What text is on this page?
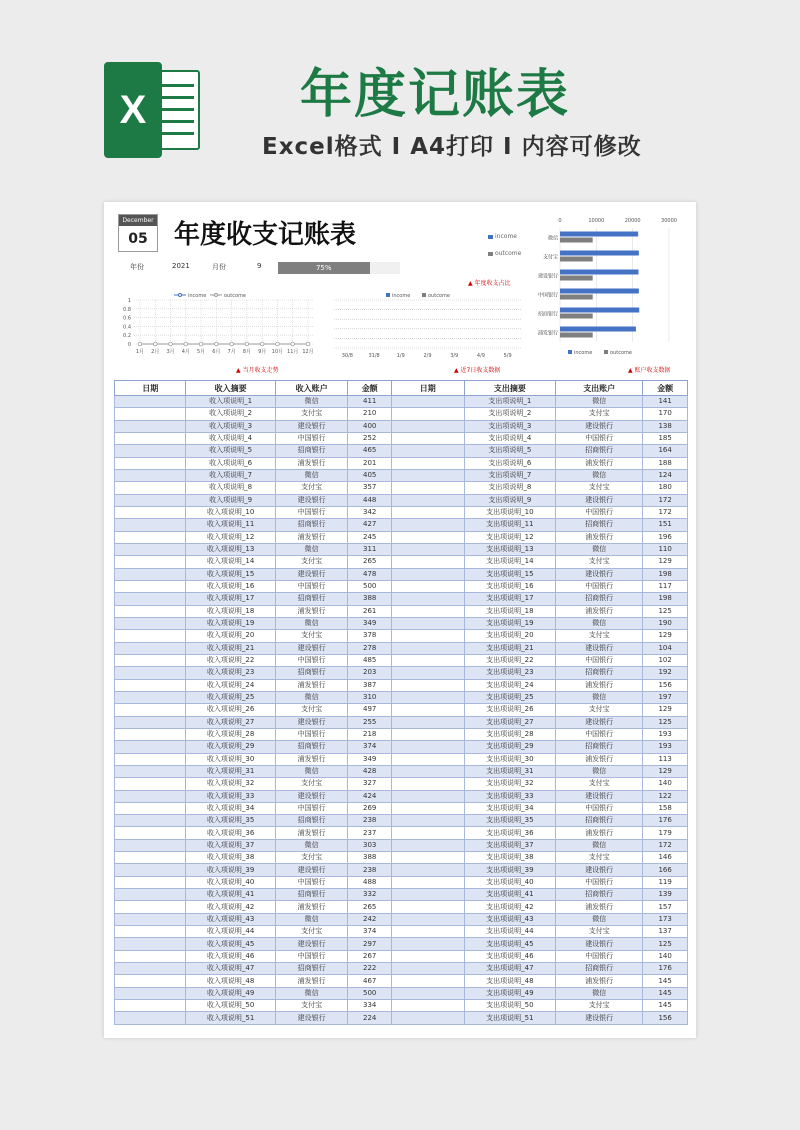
X	年度记账表
Excel格式 I A4打印 I 内容可修改
December
05	年度收支记账表
年份	2021	月份	9	75%
▲ 年度收支占比
income
outcome
0
0.2
0.4
0.6
0.8
1
1月 2月 3月 4月 5月 6月 7月 8月 9月 10月 11月 12月
income	outcome
▲ 当月收支走势
30/8	31/8	1/9	2/9	3/9	4/9	5/9
income	outcome
▲ 近7日收支数据
0	10000	20000	30000
微信
支付宝
建设银行
中国银行
招商银行
浦发银行
income	outcome
▲ 账户收支数据
日期	收入摘要	收入账户	金额	日期	支出摘要	支出账户	金额
	收入项说明_1	微信	411		支出项说明_1	微信	141
	收入项说明_2	支付宝	210		支出项说明_2	支付宝	170
	收入项说明_3	建设银行	400		支出项说明_3	建设银行	138
	收入项说明_4	中国银行	252		支出项说明_4	中国银行	185
	收入项说明_5	招商银行	465		支出项说明_5	招商银行	164
	收入项说明_6	浦发银行	201		支出项说明_6	浦发银行	188
	收入项说明_7	微信	405		支出项说明_7	微信	124
	收入项说明_8	支付宝	357		支出项说明_8	支付宝	180
	收入项说明_9	建设银行	448		支出项说明_9	建设银行	172
	收入项说明_10	中国银行	342		支出项说明_10	中国银行	172
	收入项说明_11	招商银行	427		支出项说明_11	招商银行	151
	收入项说明_12	浦发银行	245		支出项说明_12	浦发银行	196
	收入项说明_13	微信	311		支出项说明_13	微信	110
	收入项说明_14	支付宝	265		支出项说明_14	支付宝	129
	收入项说明_15	建设银行	478		支出项说明_15	建设银行	198
	收入项说明_16	中国银行	500		支出项说明_16	中国银行	117
	收入项说明_17	招商银行	388		支出项说明_17	招商银行	198
	收入项说明_18	浦发银行	261		支出项说明_18	浦发银行	125
	收入项说明_19	微信	349		支出项说明_19	微信	190
	收入项说明_20	支付宝	378		支出项说明_20	支付宝	129
	收入项说明_21	建设银行	278		支出项说明_21	建设银行	104
	收入项说明_22	中国银行	485		支出项说明_22	中国银行	102
	收入项说明_23	招商银行	203		支出项说明_23	招商银行	192
	收入项说明_24	浦发银行	387		支出项说明_24	浦发银行	156
	收入项说明_25	微信	310		支出项说明_25	微信	197
	收入项说明_26	支付宝	497		支出项说明_26	支付宝	129
	收入项说明_27	建设银行	255		支出项说明_27	建设银行	125
	收入项说明_28	中国银行	218		支出项说明_28	中国银行	193
	收入项说明_29	招商银行	374		支出项说明_29	招商银行	193
	收入项说明_30	浦发银行	349		支出项说明_30	浦发银行	113
	收入项说明_31	微信	428		支出项说明_31	微信	129
	收入项说明_32	支付宝	327		支出项说明_32	支付宝	140
	收入项说明_33	建设银行	424		支出项说明_33	建设银行	122
	收入项说明_34	中国银行	269		支出项说明_34	中国银行	158
	收入项说明_35	招商银行	238		支出项说明_35	招商银行	176
	收入项说明_36	浦发银行	237		支出项说明_36	浦发银行	179
	收入项说明_37	微信	303		支出项说明_37	微信	172
	收入项说明_38	支付宝	388		支出项说明_38	支付宝	146
	收入项说明_39	建设银行	238		支出项说明_39	建设银行	166
	收入项说明_40	中国银行	488		支出项说明_40	中国银行	119
	收入项说明_41	招商银行	332		支出项说明_41	招商银行	139
	收入项说明_42	浦发银行	265		支出项说明_42	浦发银行	157
	收入项说明_43	微信	242		支出项说明_43	微信	173
	收入项说明_44	支付宝	374		支出项说明_44	支付宝	137
	收入项说明_45	建设银行	297		支出项说明_45	建设银行	125
	收入项说明_46	中国银行	267		支出项说明_46	中国银行	140
	收入项说明_47	招商银行	222		支出项说明_47	招商银行	176
	收入项说明_48	浦发银行	467		支出项说明_48	浦发银行	145
	收入项说明_49	微信	500		支出项说明_49	微信	145
	收入项说明_50	支付宝	334		支出项说明_50	支付宝	145
	收入项说明_51	建设银行	224		支出项说明_51	建设银行	156
